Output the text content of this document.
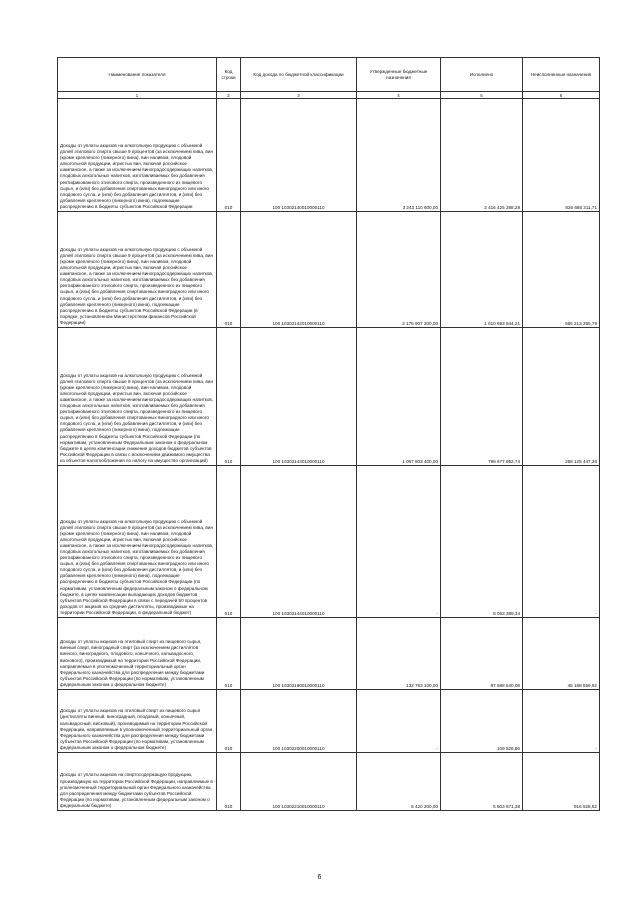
Наименование показателя	Код строки	Код дохода по бюджетной классификации	Утвержденные бюджетные назначения	Исполнено	Неисполненные назначения
1	2	3	4	5	6
Доходы от уплаты акцизов на алкогольную продукцию с объемной долей этилового спирта свыше 9 процентов (за исключением пива, вин (кроме крепленого (ликерного) вина), вин наливом, плодовой алкогольной продукции, игристых вин, включая российское шампанское, а также за исключением виноградосодержащих напитков, плодовых алкогольных напитков, изготавливаемых без добавления ректификованного этилового спирта, произведенного из пищевого сырья, и (или) без добавления спиртованных виноградного или иного плодового сусла, и (или) без добавления дистиллятов, и (или) без добавления крепленого (ликерного) вина), подлежащие распределению в бюджеты субъектов Российской Федерации	010	100 10302140010000110	3 243 110 600,00	2 416 425 288,29	826 685 311,71
Доходы от уплаты акцизов на алкогольную продукцию с объемной долей этилового спирта свыше 9 процентов (за исключением пива, вин (кроме крепленого (ликерного) вина), вин наливом, плодовой алкогольной продукции, игристых вин, включая российское шампанское, а также за исключением виноградосодержащих напитков, плодовых алкогольных напитков, изготавливаемых без добавления ректификованного этилового спирта, произведенного из пищевого сырья, и (или) без добавления спиртованных виноградного или иного плодового сусла, и (или) без добавления дистиллятов, и (или) без добавления крепленого (ликерного) вина), подлежащие распределению в бюджеты субъектов Российской Федерации (в порядке, установленном Министерством финансов Российской Федерации)	010	100 10302142010000110	2 175 907 200,00	1 610 693 944,21	565 213 255,79
Доходы от уплаты акцизов на алкогольную продукцию с объемной долей этилового спирта свыше 9 процентов (за исключением пива, вин (кроме крепленого (ликерного) вина), вин наливом, плодовой алкогольной продукции, игристых вин, включая российское шампанское, а также за исключением виноградосодержащих напитков, плодовых алкогольных напитков, изготавливаемых без добавления ректификованного этилового спирта, произведенного из пищевого сырья, и (или) без добавления спиртованных виноградного или иного плодового сусла, и (или) без добавления дистиллятов, и (или) без добавления крепленого (ликерного) вина), подлежащие распределению в бюджеты субъектов Российской Федерации (по нормативам, установленным Федеральным законом о федеральном бюджете в целях компенсации снижения доходов бюджетов субъектов Российской Федерации в связи с исключением движимого имущества из объектов налогообложения по налогу на имущество организаций)	010	100 10302143010000110	1 067 803 400,00	799 677 952,74	268 125 447,26
Доходы от уплаты акцизов на алкогольную продукцию с объемной долей этилового спирта свыше 9 процентов (за исключением пива, вин (кроме крепленого (ликерного) вина), вин наливом, плодовой алкогольной продукции, игристых вин, включая российское шампанское, а также за исключением виноградосодержащих напитков, плодовых алкогольных напитков, изготавливаемых без добавления ректификованного этилового спирта, произведенного из пищевого сырья, и (или) без добавления спиртованных виноградного или иного плодового сусла, и (или) без добавления дистиллятов, и (или) без добавления крепленого (ликерного) вина), подлежащие распределению в бюджеты субъектов Российской Федерации (по нормативам, установленным федеральным законом о федеральном бюджете, в целях компенсации выпадающих доходов бюджетов субъектов Российской Федерации в связи с передачей 50 процентов доходов от акцизов на средние дистилляты, производимые на территории Российской Федерации, в федеральный бюджет)	010	100 10302144010000110	-	6 053 389,34	-
Доходы от уплаты акцизов на этиловый спирт из пищевого сырья, винный спирт, виноградный спирт (за исключением дистиллятов винного, виноградного, плодового, коньячного, кальвадосного, вискового), производимый на территории Российской Федерации, направляемые в уполномоченный территориальный орган Федерального казначейства для распределения между бюджетами субъектов Российской Федерации (по нормативам, установленным федеральным законом о федеральном бюджете)	010	100 10302190010000110	132 783 100,00	87 588 540,08	45 188 559,92
Доходы от уплаты акцизов на этиловый спирт из пищевого сырья (дистилляты винный, виноградный, плодовый, коньячный, кальвадосный, висковый), производимый на территории Российской Федерации, направляемые в уполномоченный территориальный орган Федерального казначейства для распределения между бюджетами субъектов Российской Федерации (по нормативам, установленным федеральным законом о федеральном бюджете)	010	100 10302200010000110	-	109 526,86	-
Доходы от уплаты акцизов на спиртосодержащую продукцию, производимую на территории Российской Федерации, направляемые в уполномоченный территориальный орган Федерального казначейства для распределения между бюджетами субъектов Российской Федерации (по нормативам, установленным федеральным законом о федеральном бюджете)	010	100 10302210010000110	6 420 200,00	5 503 671,38	916 528,62
6
